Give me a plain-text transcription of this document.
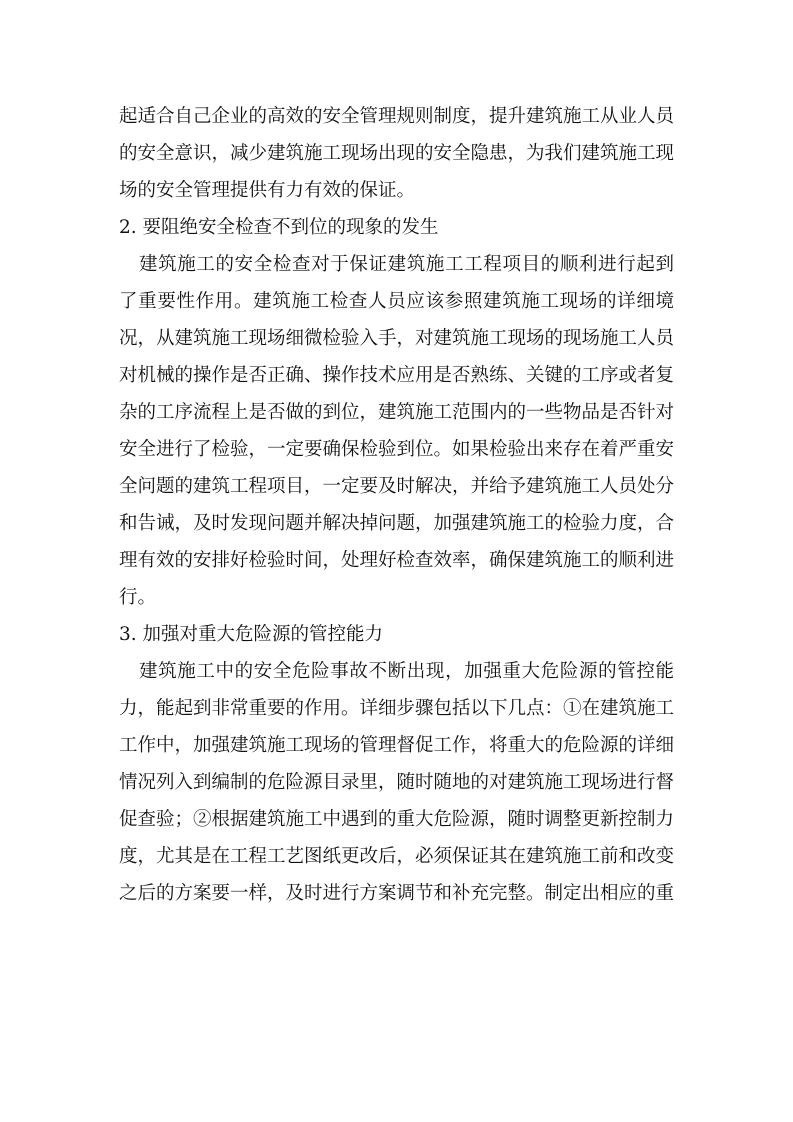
起适合自己企业的高效的安全管理规则制度，提升建筑施工从业人员
的安全意识，减少建筑施工现场出现的安全隐患，为我们建筑施工现
场的安全管理提供有力有效的保证。
2. 要阻绝安全检查不到位的现象的发生
建筑施工的安全检查对于保证建筑施工工程项目的顺利进行起到
了重要性作用。建筑施工检查人员应该参照建筑施工现场的详细境
况，从建筑施工现场细微检验入手，对建筑施工现场的现场施工人员
对机械的操作是否正确、操作技术应用是否熟练、关键的工序或者复
杂的工序流程上是否做的到位，建筑施工范围内的一些物品是否针对
安全进行了检验，一定要确保检验到位。如果检验出来存在着严重安
全问题的建筑工程项目，一定要及时解决，并给予建筑施工人员处分
和告诫，及时发现问题并解决掉问题，加强建筑施工的检验力度，合
理有效的安排好检验时间，处理好检查效率，确保建筑施工的顺利进
行。
3. 加强对重大危险源的管控能力
建筑施工中的安全危险事故不断出现，加强重大危险源的管控能
力，能起到非常重要的作用。详细步骤包括以下几点：①在建筑施工
工作中，加强建筑施工现场的管理督促工作，将重大的危险源的详细
情况列入到编制的危险源目录里，随时随地的对建筑施工现场进行督
促查验；②根据建筑施工中遇到的重大危险源，随时调整更新控制力
度，尤其是在工程工艺图纸更改后，必须保证其在建筑施工前和改变
之后的方案要一样，及时进行方案调节和补充完整。制定出相应的重
